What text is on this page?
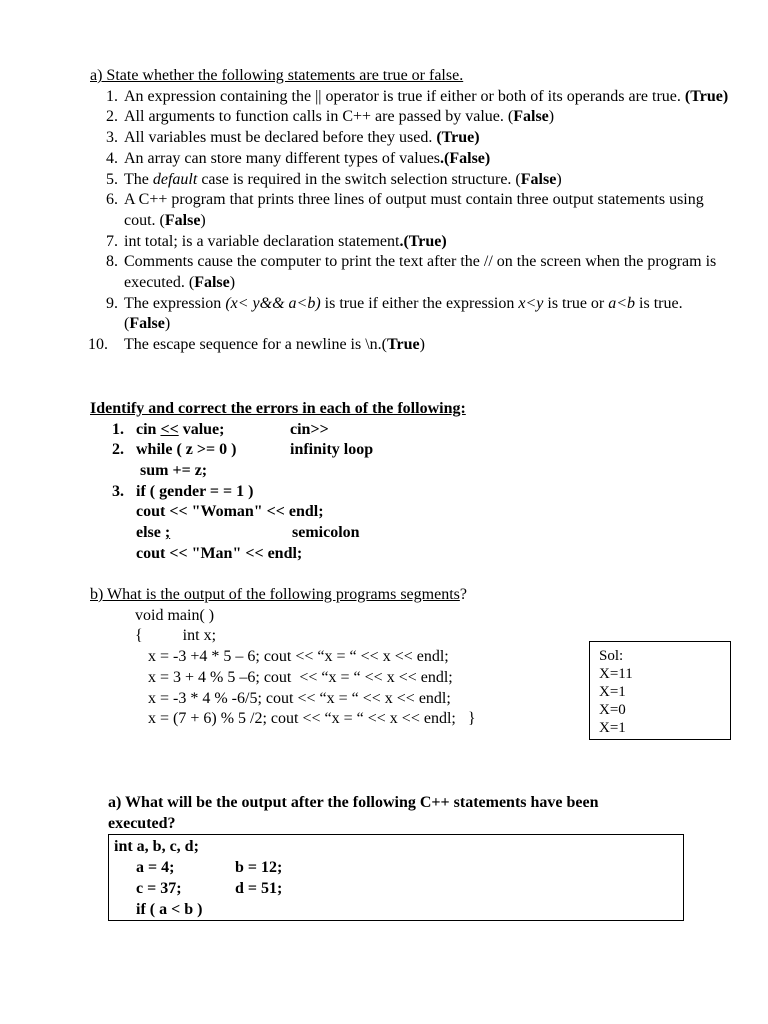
a) State whether the following statements are true or false.
1. An expression containing the || operator is true if either or both of its operands are true. (True)
2. All arguments to function calls in C++ are passed by value. (False)
3. All variables must be declared before they used. (True)
4. An array can store many different types of values.(False)
5. The default case is required in the switch selection structure. (False)
6. A C++ program that prints three lines of output must contain three output statements using cout. (False)
7. int total; is a variable declaration statement.(True)
8. Comments cause the computer to print the text after the // on the screen when the program is executed. (False)
9. The expression (x< y&& a<b) is true if either the expression x<y is true or a<b is true. (False)
10.	The escape sequence for a newline is \n.(True)
Identify and correct the errors in each of the following:
1. cin << value;	cin>>
2. while ( z >= 0 )	infinity loop
sum += z;
3. if ( gender = = 1 )
cout << "Woman" << endl;
else ;	semicolon
cout << "Man" << endl;
b) What is the output of the following programs segments?
void main( )
{          int x;
x = -3 +4 * 5 – 6; cout << “x = “ << x << endl;
x = 3 + 4 % 5 –6; cout  << “x = “ << x << endl;
x = -3 * 4 % -6/5; cout << “x = “ << x << endl;
x = (7 + 6) % 5 /2; cout << “x = “ << x << endl;   }
Sol:
X=11
X=1
X=0
X=1
a) What will be the output after the following C++ statements have been executed?
int a, b, c, d;
a = 4;	b = 12;
c = 37;	d = 51;
if ( a < b )
